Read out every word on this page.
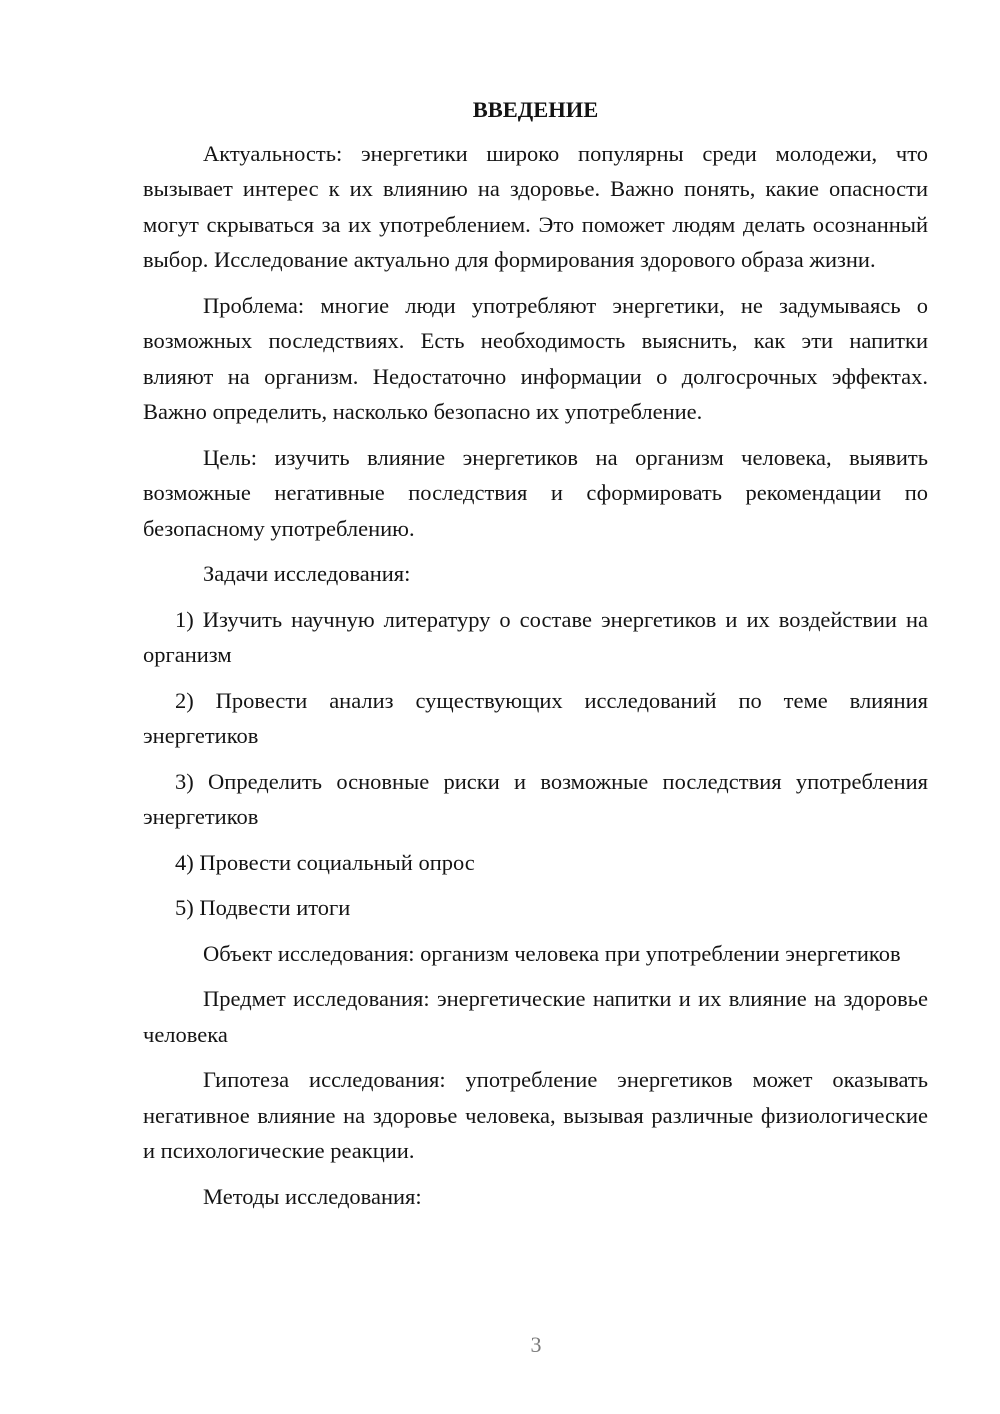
ВВЕДЕНИЕ

Актуальность: энергетики широко популярны среди молодежи, что вызывает интерес к их влиянию на здоровье. Важно понять, какие опасности могут скрываться за их употреблением. Это поможет людям делать осознанный выбор. Исследование актуально для формирования здорового образа жизни.

Проблема: многие люди употребляют энергетики, не задумываясь о возможных последствиях. Есть необходимость выяснить, как эти напитки влияют на организм. Недостаточно информации о долгосрочных эффектах. Важно определить, насколько безопасно их употребление.

Цель: изучить влияние энергетиков на организм человека, выявить возможные негативные последствия и сформировать рекомендации по безопасному употреблению.

Задачи исследования:

1) Изучить научную литературу о составе энергетиков и их воздействии на организм

2) Провести анализ существующих исследований по теме влияния энергетиков

3) Определить основные риски и возможные последствия употребления энергетиков

4) Провести социальный опрос

5) Подвести итоги

Объект исследования: организм человека при употреблении энергетиков

Предмет исследования: энергетические напитки и их влияние на здоровье человека

Гипотеза исследования: употребление энергетиков может оказывать негативное влияние на здоровье человека, вызывая различные физиологические и психологические реакции.

Методы исследования:

3
